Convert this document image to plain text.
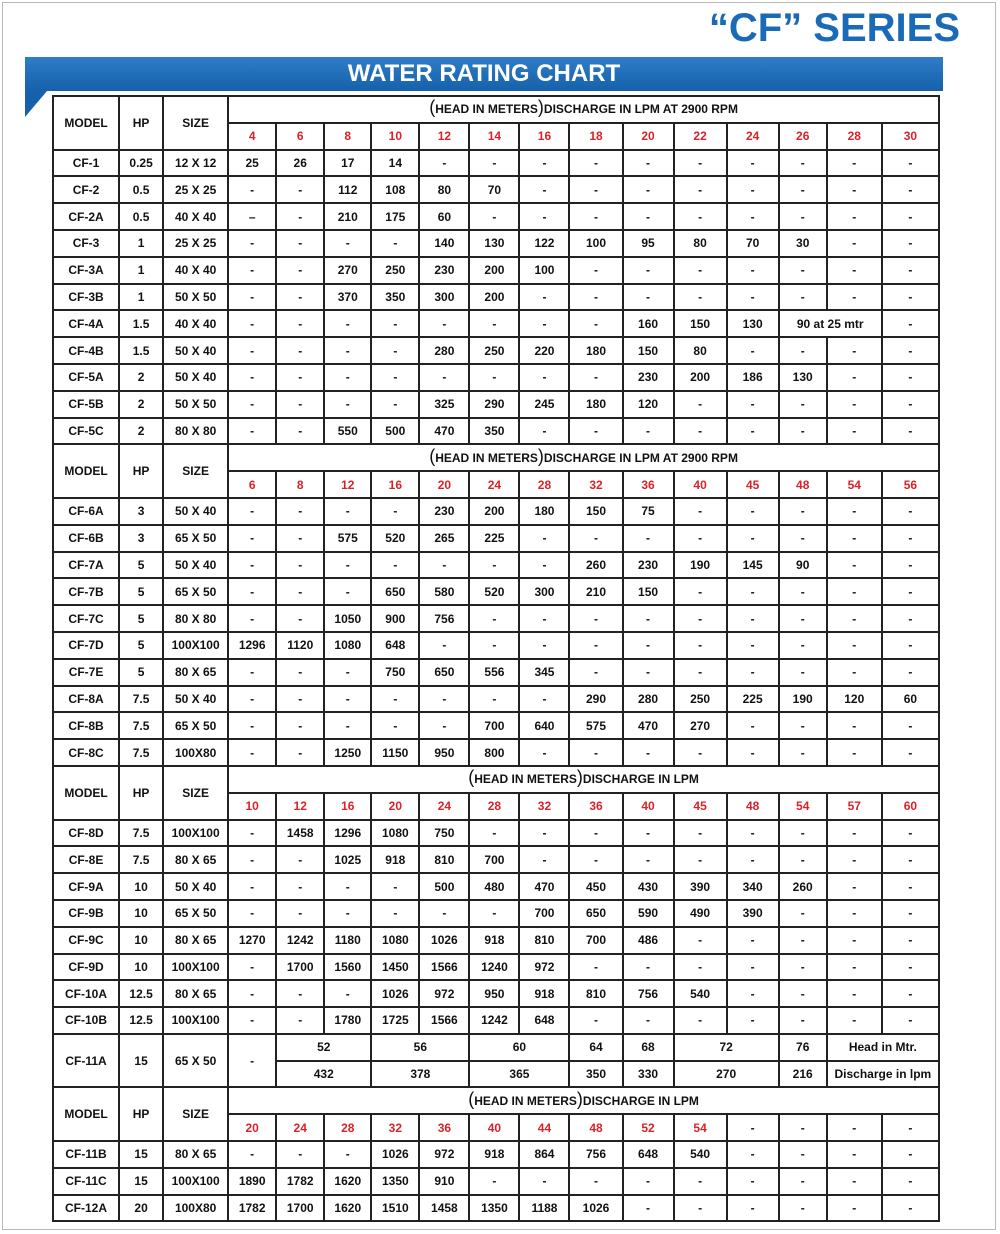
“CF” SERIES
WATER RATING CHART
MODEL	HP	SIZE	(HEAD IN METERS)DISCHARGE IN LPM AT 2900 RPM													
			4	6	8	10	12	14	16	18	20	22	24	26	28	30
CF-1	0.25	12 X 12	25	26	17	14	-	-	-	-	-	-	-	-	-	-
CF-2	0.5	25 X 25	-	-	112	108	80	70	-	-	-	-	-	-	-	-
CF-2A	0.5	40 X 40	–	-	210	175	60	-	-	-	-	-	-	-	-	-
CF-3	1	25 X 25	-	-	-	-	140	130	122	100	95	80	70	30	-	-
CF-3A	1	40 X 40	-	-	270	250	230	200	100	-	-	-	-	-	-	-
CF-3B	1	50 X 50	-	-	370	350	300	200	-	-	-	-	-	-	-	-
CF-4A	1.5	40 X 40	-	-	-	-	-	-	-	-	160	150	130	90 at 25 mtr		-
CF-4B	1.5	50 X 40	-	-	-	-	280	250	220	180	150	80	-	-	-	-
CF-5A	2	50 X 40	-	-	-	-	-	-	-	-	230	200	186	130	-	-
CF-5B	2	50 X 50	-	-	-	-	325	290	245	180	120	-	-	-	-	-
CF-5C	2	80 X 80	-	-	550	500	470	350	-	-	-	-	-	-	-	-
MODEL	HP	SIZE	(HEAD IN METERS)DISCHARGE IN LPM AT 2900 RPM													
			6	8	12	16	20	24	28	32	36	40	45	48	54	56
CF-6A	3	50 X 40	-	-	-	-	230	200	180	150	75	-	-	-	-	-
CF-6B	3	65 X 50	-	-	575	520	265	225	-	-	-	-	-	-	-	-
CF-7A	5	50 X 40	-	-	-	-	-	-	-	260	230	190	145	90	-	-
CF-7B	5	65 X 50	-	-	-	650	580	520	300	210	150	-	-	-	-	-
CF-7C	5	80 X 80	-	-	1050	900	756	-	-	-	-	-	-	-	-	-
CF-7D	5	100X100	1296	1120	1080	648	-	-	-	-	-	-	-	-	-	-
CF-7E	5	80 X 65	-	-	-	750	650	556	345	-	-	-	-	-	-	-
CF-8A	7.5	50 X 40	-	-	-	-	-	-	-	290	280	250	225	190	120	60
CF-8B	7.5	65 X 50	-	-	-	-	-	700	640	575	470	270	-	-	-	-
CF-8C	7.5	100X80	-	-	1250	1150	950	800	-	-	-	-	-	-	-	-
MODEL	HP	SIZE	(HEAD IN METERS)DISCHARGE IN LPM													
			10	12	16	20	24	28	32	36	40	45	48	54	57	60
CF-8D	7.5	100X100	-	1458	1296	1080	750	-	-	-	-	-	-	-	-	-
CF-8E	7.5	80 X 65	-	-	1025	918	810	700	-	-	-	-	-	-	-	-
CF-9A	10	50 X 40	-	-	-	-	500	480	470	450	430	390	340	260	-	-
CF-9B	10	65 X 50	-	-	-	-	-	-	700	650	590	490	390	-	-	-
CF-9C	10	80 X 65	1270	1242	1180	1080	1026	918	810	700	486	-	-	-	-	-
CF-9D	10	100X100	-	1700	1560	1450	1566	1240	972	-	-	-	-	-	-	-
CF-10A	12.5	80 X 65	-	-	-	1026	972	950	918	810	756	540	-	-	-	-
CF-10B	12.5	100X100	-	-	1780	1725	1566	1242	648	-	-	-	-	-	-	-
CF-11A	15	65 X 50	-	52		56		60		64	68	72		76	Head in Mtr.	
				432		378		365		350	330	270		216	Discharge in lpm	
MODEL	HP	SIZE	(HEAD IN METERS)DISCHARGE IN LPM													
			20	24	28	32	36	40	44	48	52	54	-	-	-	-
CF-11B	15	80 X 65	-	-	-	1026	972	918	864	756	648	540	-	-	-	-
CF-11C	15	100X100	1890	1782	1620	1350	910	-	-	-	-	-	-	-	-	-
CF-12A	20	100X80	1782	1700	1620	1510	1458	1350	1188	1026	-	-	-	-	-	-
